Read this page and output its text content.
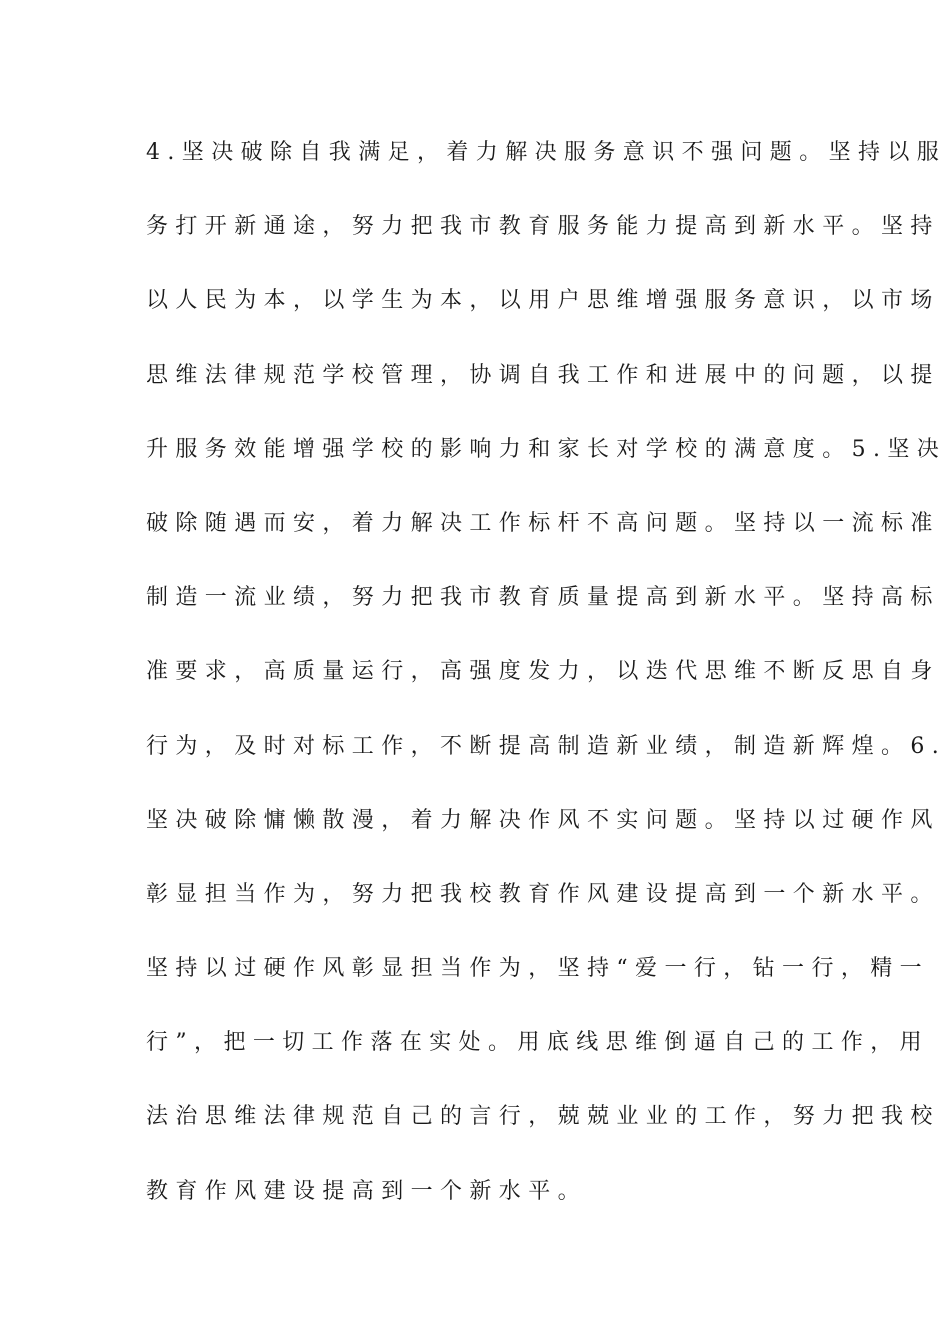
4.坚决破除自我满足，着力解决服务意识不强问题。坚持以服
务打开新通途，努力把我市教育服务能力提高到新水平。坚持
以人民为本，以学生为本，以用户思维增强服务意识，以市场
思维法律规范学校管理，协调自我工作和进展中的问题，以提
升服务效能增强学校的影响力和家长对学校的满意度。5.坚决
破除随遇而安，着力解决工作标杆不高问题。坚持以一流标准
制造一流业绩，努力把我市教育质量提高到新水平。坚持高标
准要求，高质量运行，高强度发力，以迭代思维不断反思自身
行为，及时对标工作，不断提高制造新业绩，制造新辉煌。6.
坚决破除慵懒散漫，着力解决作风不实问题。坚持以过硬作风
彰显担当作为，努力把我校教育作风建设提高到一个新水平。
坚持以过硬作风彰显担当作为，坚持“爱一行，钻一行，精一
行”，把一切工作落在实处。用底线思维倒逼自己的工作，用
法治思维法律规范自己的言行，兢兢业业的工作，努力把我校
教育作风建设提高到一个新水平。
